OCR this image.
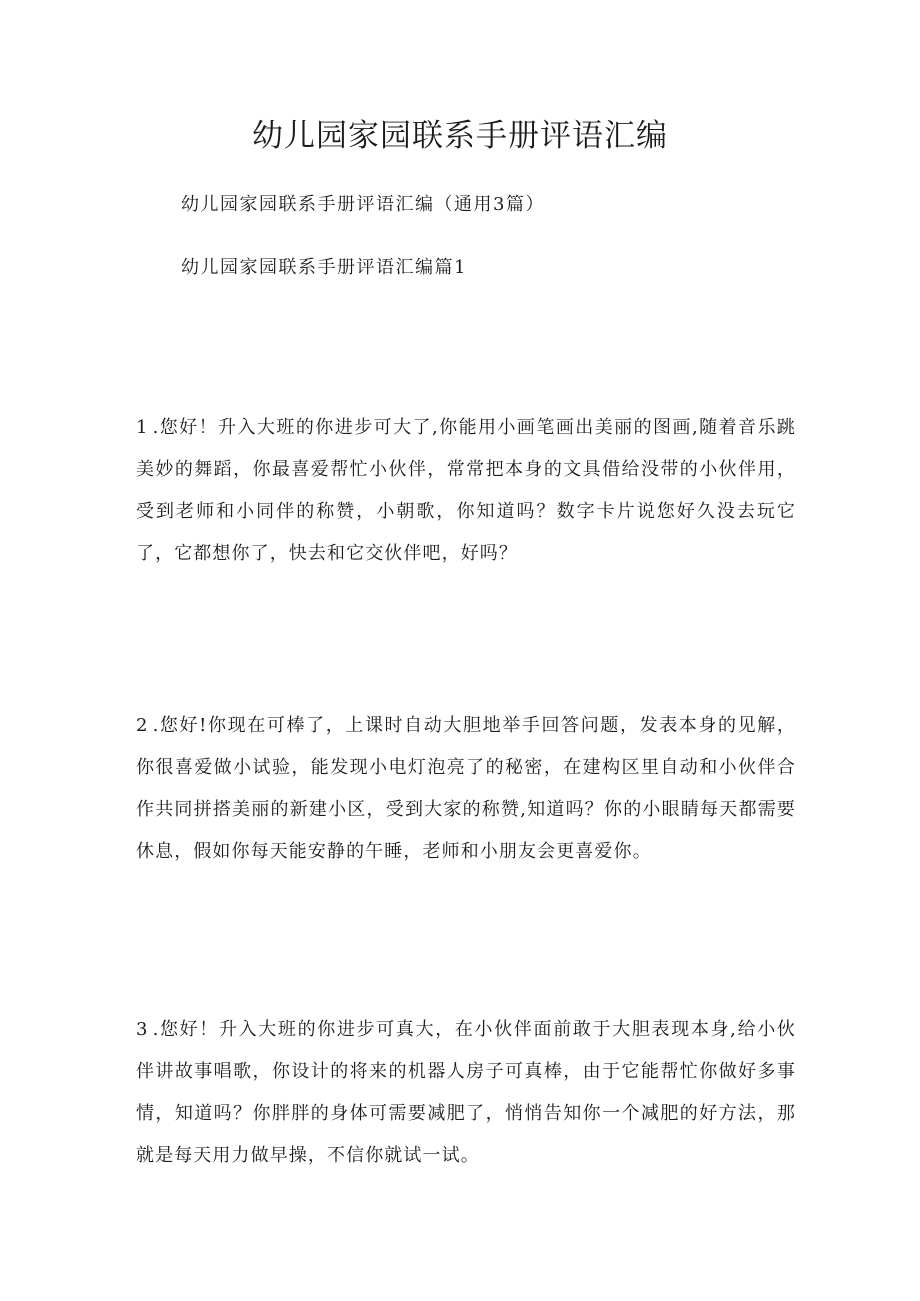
幼儿园家园联系手册评语汇编

幼儿园家园联系手册评语汇编（通用3篇）

幼儿园家园联系手册评语汇编篇1

1 .您好！升入大班的你进步可大了,你能用小画笔画出美丽的图画,随着音乐跳美妙的舞蹈，你最喜爱帮忙小伙伴，常常把本身的文具借给没带的小伙伴用，受到老师和小同伴的称赞，小朝歌，你知道吗？数字卡片说您好久没去玩它了，它都想你了，快去和它交伙伴吧，好吗？

2 .您好!你现在可棒了，上课时自动大胆地举手回答问题，发表本身的见解，你很喜爱做小试验，能发现小电灯泡亮了的秘密，在建构区里自动和小伙伴合作共同拼搭美丽的新建小区，受到大家的称赞,知道吗？你的小眼睛每天都需要休息，假如你每天能安静的午睡，老师和小朋友会更喜爱你。

3 .您好！升入大班的你进步可真大，在小伙伴面前敢于大胆表现本身,给小伙伴讲故事唱歌，你设计的将来的机器人房子可真棒，由于它能帮忙你做好多事情，知道吗？你胖胖的身体可需要减肥了，悄悄告知你一个减肥的好方法，那就是每天用力做早操，不信你就试一试。
